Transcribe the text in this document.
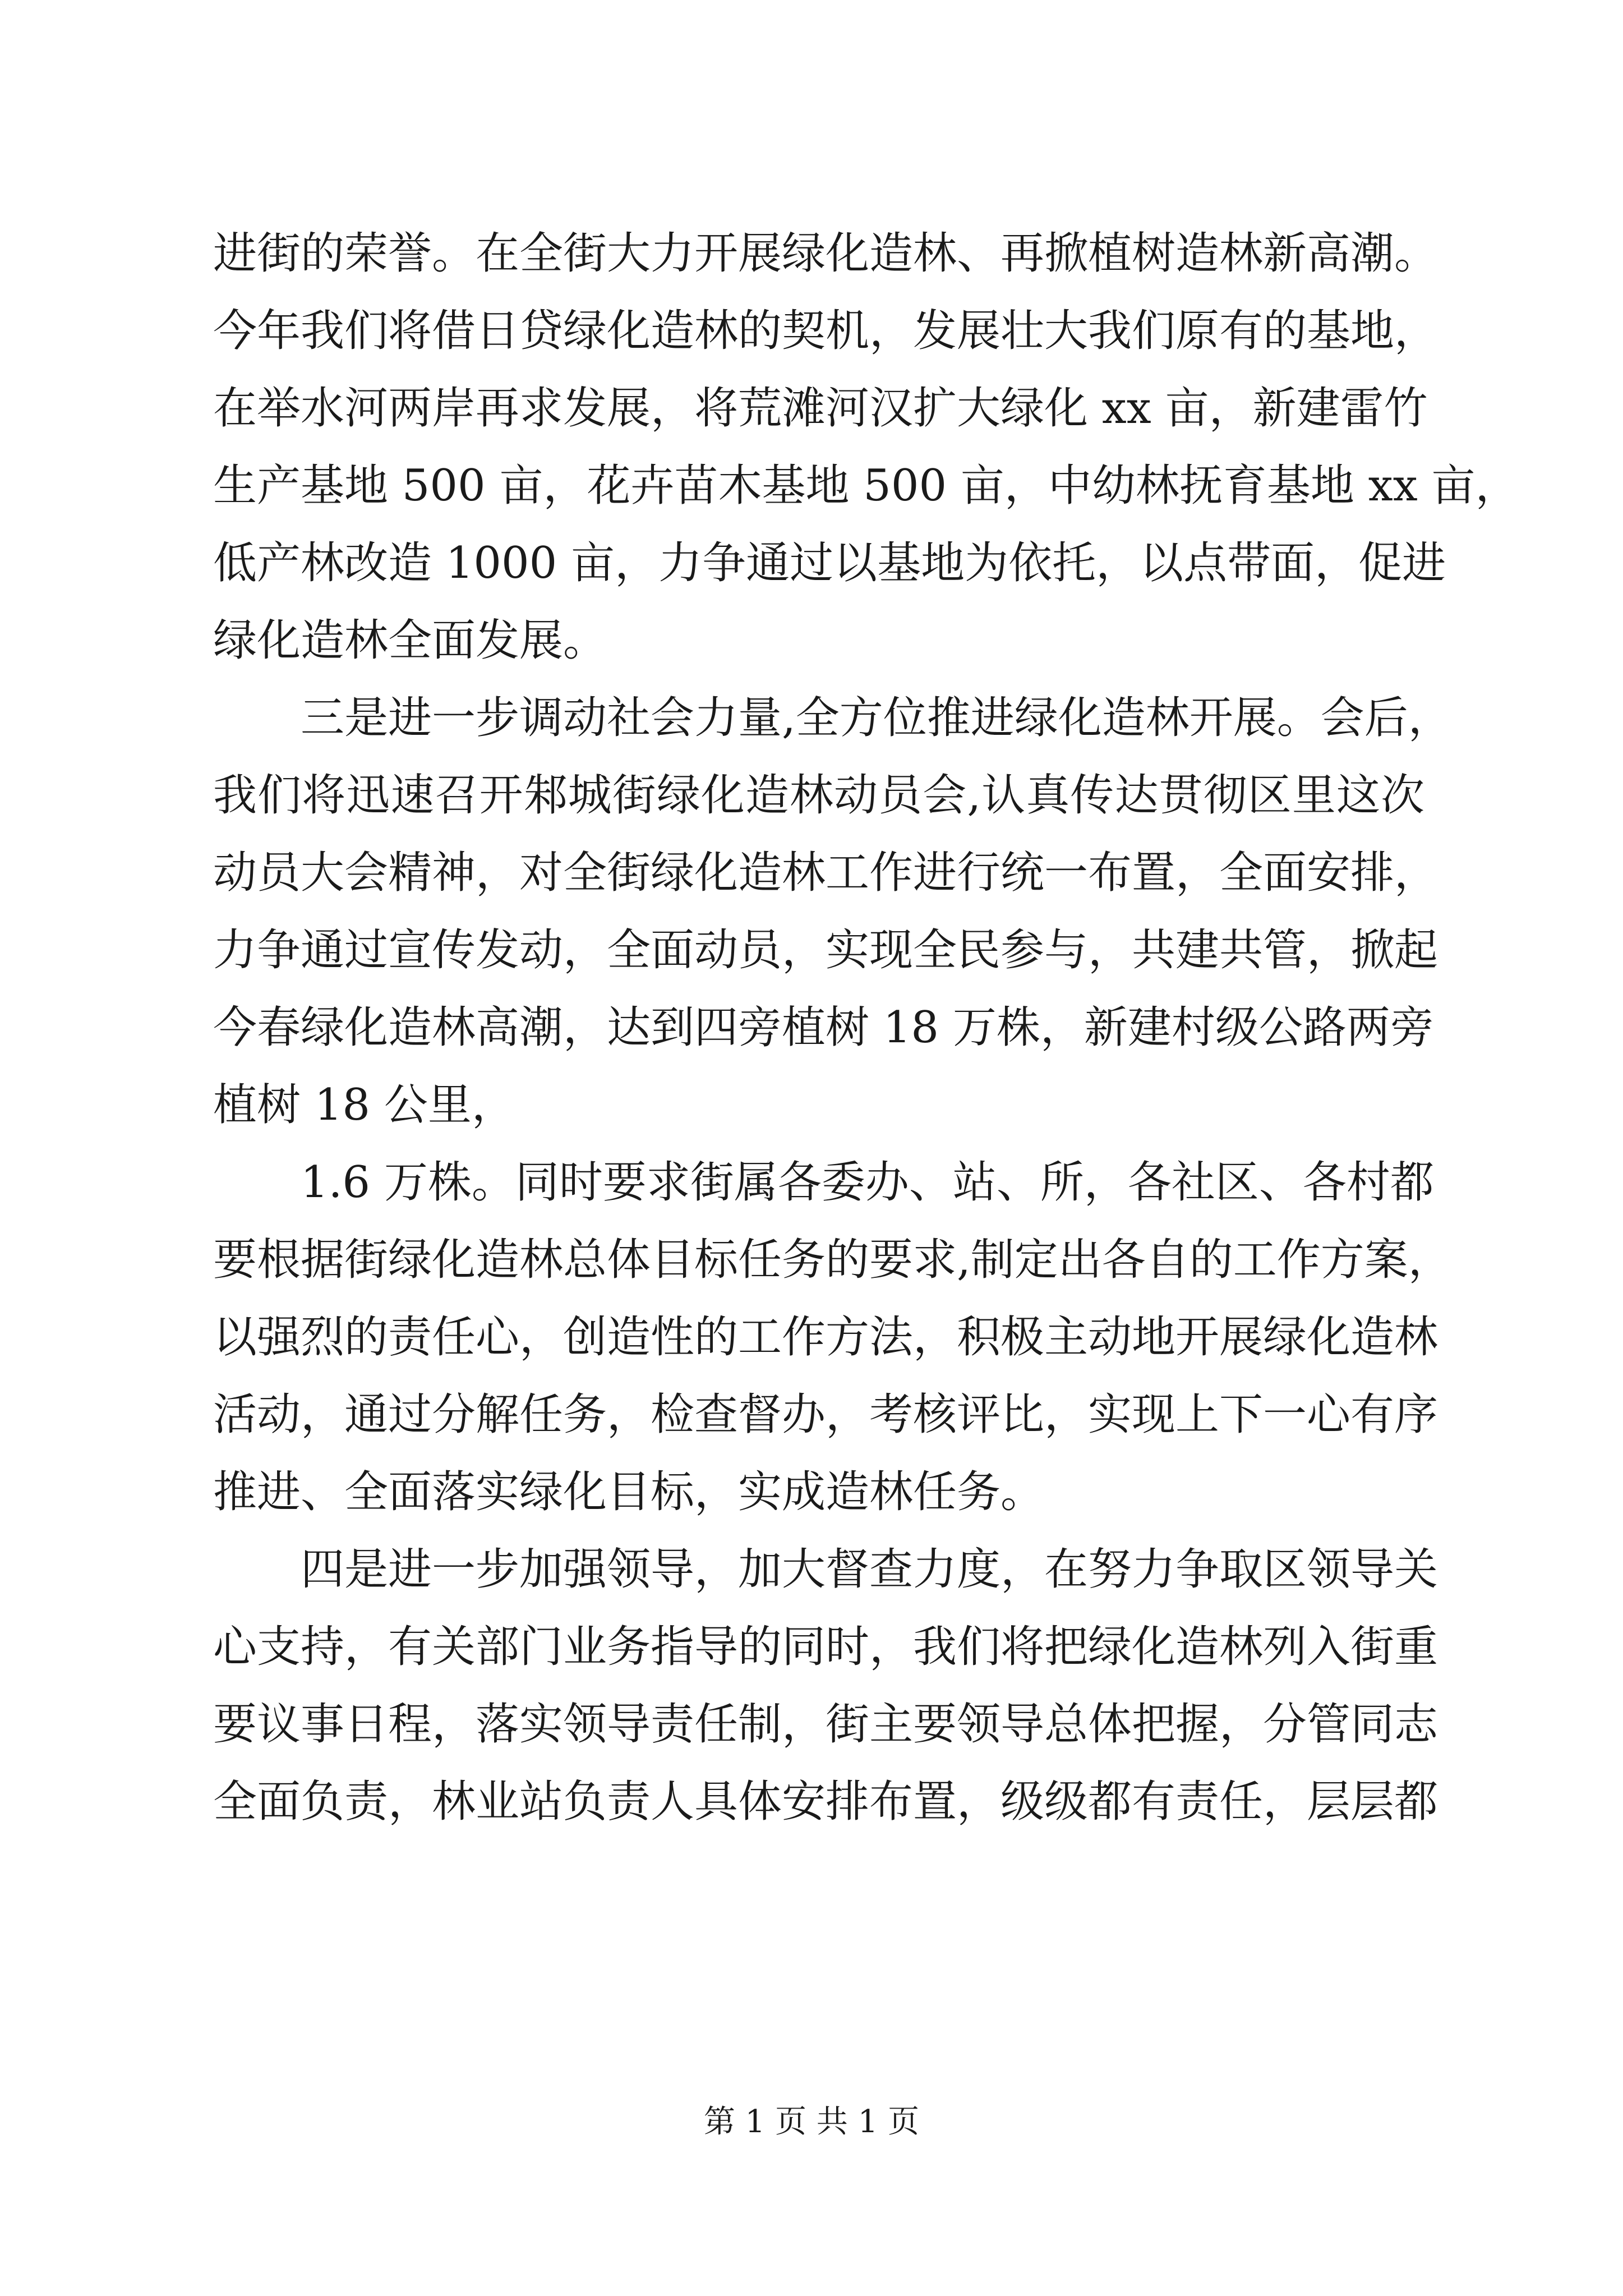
进街的荣誉。在全街大力开展绿化造林、再掀植树造林新高潮。
今年我们将借日贷绿化造林的契机，发展壮大我们原有的基地，
在举水河两岸再求发展，将荒滩河汉扩大绿化 xx 亩，新建雷竹
生产基地 500 亩，花卉苗木基地 500 亩，中幼林抚育基地 xx 亩，
低产林改造 1000 亩，力争通过以基地为依托，以点带面，促进
绿化造林全面发展。
三是进一步调动社会力量,全方位推进绿化造林开展。会后，
我们将迅速召开邾城街绿化造林动员会,认真传达贯彻区里这次
动员大会精神，对全街绿化造林工作进行统一布置，全面安排，
力争通过宣传发动，全面动员，实现全民参与，共建共管，掀起
今春绿化造林高潮，达到四旁植树 18 万株，新建村级公路两旁
植树 18 公里，
1.6 万株。同时要求街属各委办、站、所，各社区、各村都
要根据街绿化造林总体目标任务的要求,制定出各自的工作方案，
以强烈的责任心，创造性的工作方法，积极主动地开展绿化造林
活动，通过分解任务，检查督办，考核评比，实现上下一心有序
推进、全面落实绿化目标，实成造林任务。
四是进一步加强领导，加大督查力度，在努力争取区领导关
心支持，有关部门业务指导的同时，我们将把绿化造林列入街重
要议事日程，落实领导责任制，街主要领导总体把握，分管同志
全面负责，林业站负责人具体安排布置，级级都有责任，层层都
第 1 页 共 1 页
